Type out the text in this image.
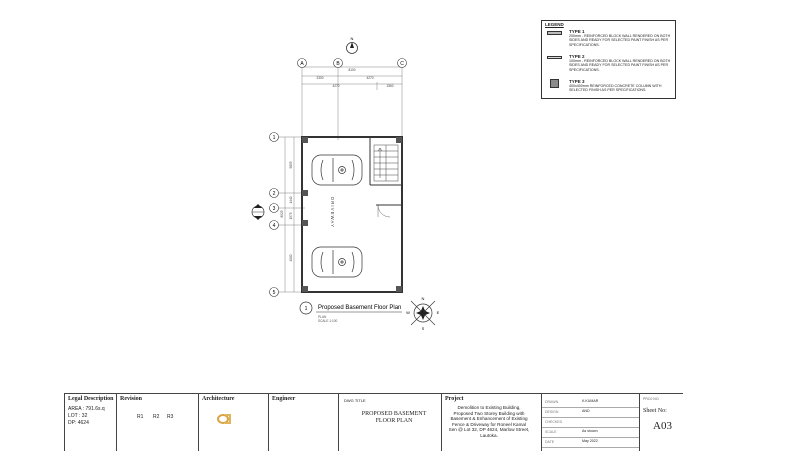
N
2300	4270
8100
4270	1560
A	B	C
5655
1440
1575
4000
8925
1
2
3
4
5
D R I V E W A Y
1 Proposed Basement Floor Plan
PLAN
SCALE 1:100
N
E
S
W
LEGEND
TYPE 1
200mm - REINFORCED BLOCK WALL RENDERED ON BOTH SIDES AND READY FOR SELECTED PAINT FINISH AS PER SPECIFICATIONS.
TYPE 2
100mm - REINFORCED BLOCK WALL RENDERED ON BOTH SIDES AND READY FOR SELECTED PAINT FINISH AS PER SPECIFICATIONS.
TYPE 3
400x400mm REINFORCED CONCRETE COLUMN WITH SELECTED FINISH AS PER SPECIFICATIONS.
Legal Description
AREA : 791.6s.q
LOT : 32
DP: 4624
Revision
R1 R2 R3
Architecture	Engineer	DWG TITLE
PROPOSED BASEMENT FLOOR PLAN
Project
Demolition to Existing Building, Proposed Two Storey Building with Basement & Enhancement of Existing Fence & Driveway for Roneel Kamal Sen @ Lot 32, DP 4624, Marlow Street, Lautoka.
DRAWN	K.KUMAR
DESIGN	AND
CHECKED
SCALE	As shown
DATE	May 2022
PROJ NO.
Sheet No:
A03
